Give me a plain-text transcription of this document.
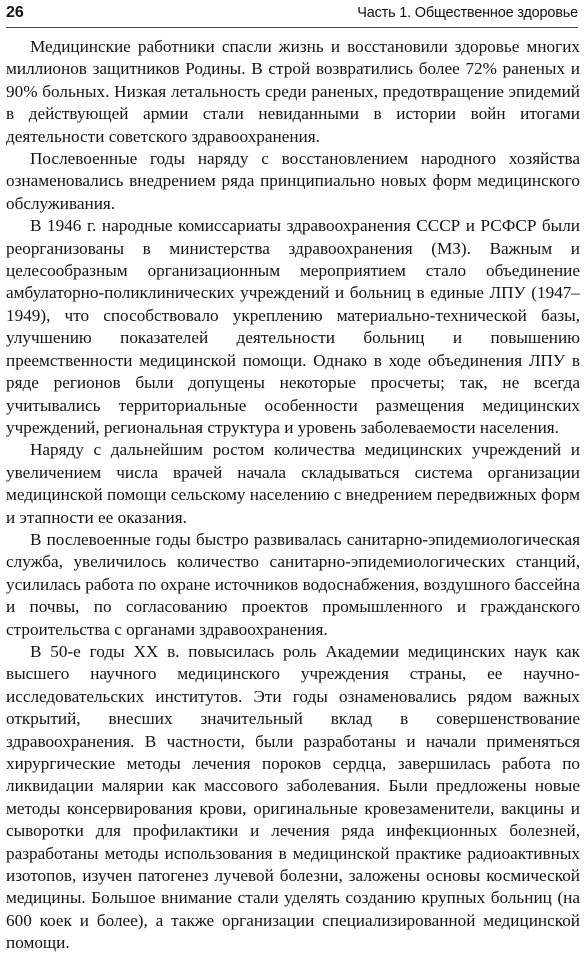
26	Часть 1. Общественное здоровье

Медицинские работники спасли жизнь и восстановили здоровье многих миллионов защитников Родины. В строй возвратились более 72% раненых и 90% больных. Низкая летальность среди раненых, предотвращение эпидемий в действующей армии стали невиданными в истории войн итогами деятельности советского здравоохранения.

Послевоенные годы наряду с восстановлением народного хозяйства ознаменовались внедрением ряда принципиально новых форм медицинского обслуживания.

В 1946 г. народные комиссариаты здравоохранения СССР и РСФСР были реорганизованы в министерства здравоохранения (МЗ). Важным и целесообразным организационным мероприятием стало объединение амбулаторно-поликлинических учреждений и больниц в единые ЛПУ (1947–1949), что способствовало укреплению материально-технической базы, улучшению показателей деятельности больниц и повышению преемственности медицинской помощи. Однако в ходе объединения ЛПУ в ряде регионов были допущены некоторые просчеты; так, не всегда учитывались территориальные особенности размещения медицинских учреждений, региональная структура и уровень заболеваемости населения.

Наряду с дальнейшим ростом количества медицинских учреждений и увеличением числа врачей начала складываться система организации медицинской помощи сельскому населению с внедрением передвижных форм и этапности ее оказания.

В послевоенные годы быстро развивалась санитарно-эпидемиологическая служба, увеличилось количество санитарно-эпидемиологических станций, усилилась работа по охране источников водоснабжения, воздушного бассейна и почвы, по согласованию проектов промышленного и гражданского строительства с органами здравоохранения.

В 50-е годы XX в. повысилась роль Академии медицинских наук как высшего научного медицинского учреждения страны, ее научно-исследовательских институтов. Эти годы ознаменовались рядом важных открытий, внесших значительный вклад в совершенствование здравоохранения. В частности, были разработаны и начали применяться хирургические методы лечения пороков сердца, завершилась работа по ликвидации малярии как массового заболевания. Были предложены новые методы консервирования крови, оригинальные кровезаменители, вакцины и сыворотки для профилактики и лечения ряда инфекционных болезней, разработаны методы использования в медицинской практике радиоактивных изотопов, изучен патогенез лучевой болезни, заложены основы космической медицины. Большое внимание стали уделять созданию крупных больниц (на 600 коек и более), а также организации специализированной медицинской помощи.
